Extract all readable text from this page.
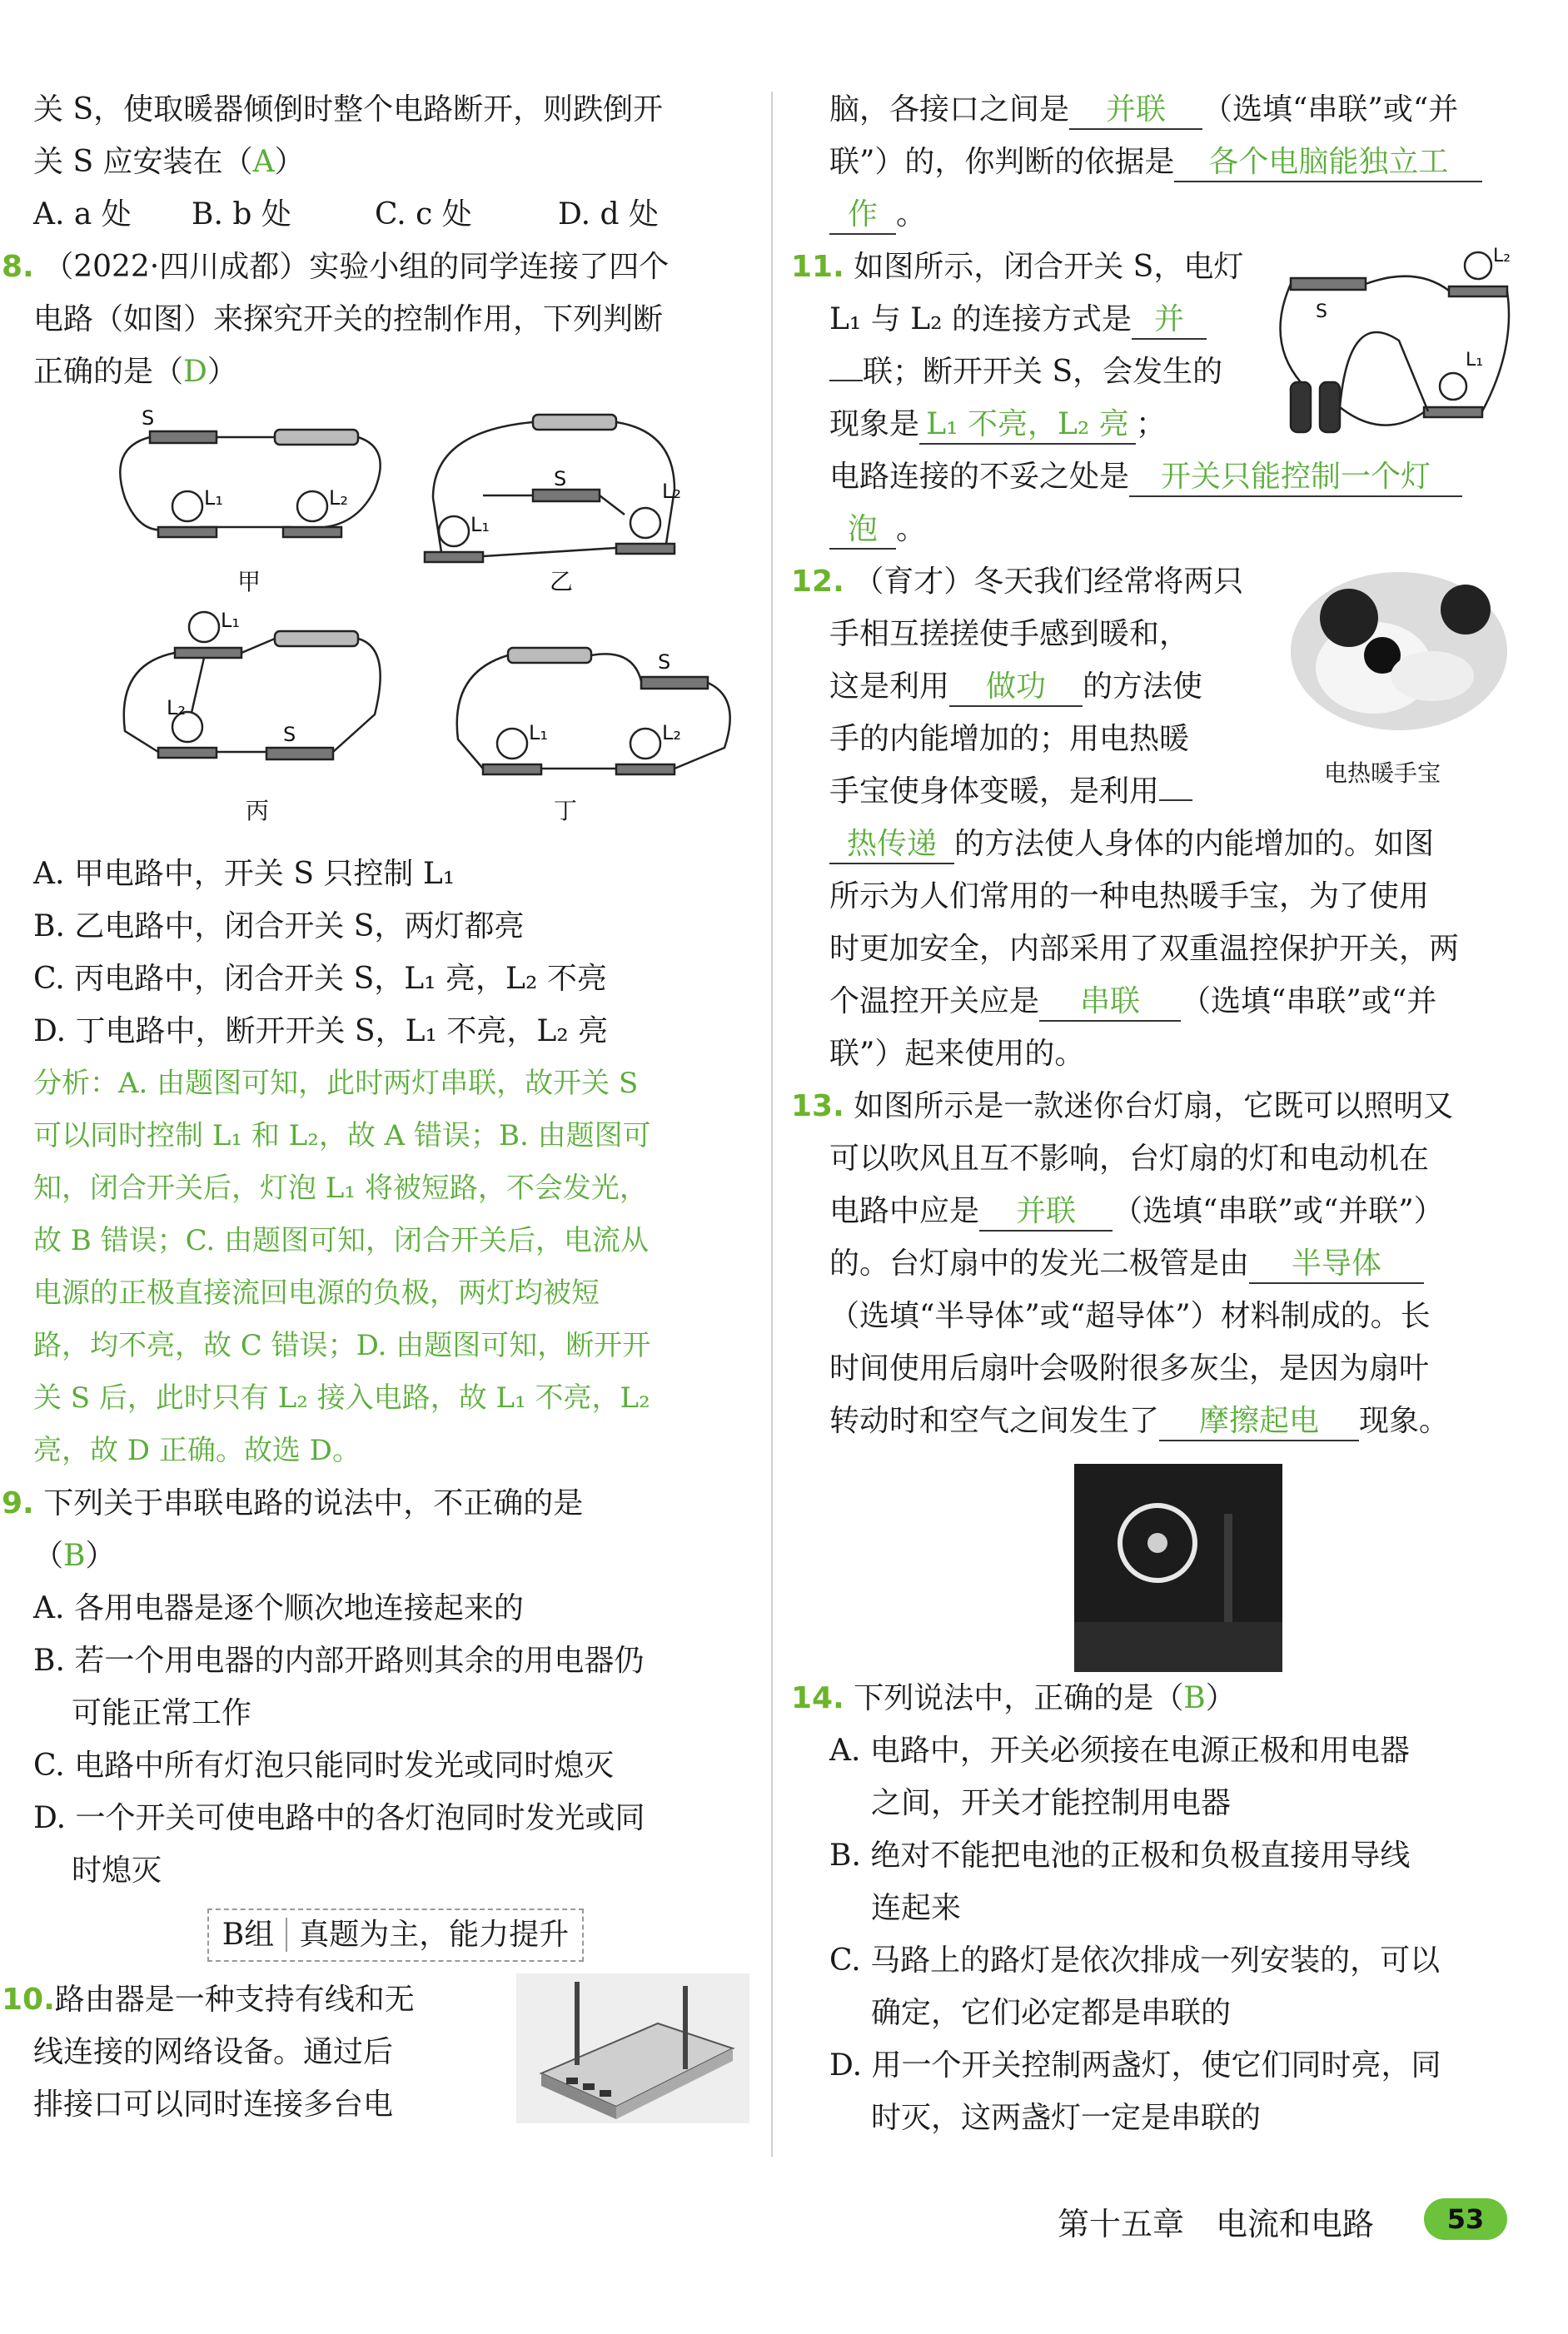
关 S，使取暖器倾倒时整个电路断开，则跌倒开
关 S 应安装在（A）
A. a 处 B. b 处	C. c 处	D. d 处
8. （2022·四川成都）实验小组的同学连接了四个
电路（如图）来探究开关的控制作用，下列判断
正确的是（D）
S
L₁	L₂
甲
S
L₁
L₂
乙
L₁
L₂
S
丙
S
L₁	L₂
丁
A. 甲电路中，开关 S 只控制 L₁
B. 乙电路中，闭合开关 S，两灯都亮
C. 丙电路中，闭合开关 S，L₁ 亮，L₂ 不亮
D. 丁电路中，断开开关 S，L₁ 不亮，L₂ 亮
分析：A. 由题图可知，此时两灯串联，故开关 S
可以同时控制 L₁ 和 L₂，故 A 错误；B. 由题图可
知，闭合开关后，灯泡 L₁ 将被短路，不会发光，
故 B 错误；C. 由题图可知，闭合开关后，电流从
电源的正极直接流回电源的负极，两灯均被短
路，均不亮，故 C 错误；D. 由题图可知，断开开
关 S 后，此时只有 L₂ 接入电路，故 L₁ 不亮，L₂
亮，故 D 正确。故选 D。
9. 下列关于串联电路的说法中，不正确的是
（B）
A. 各用电器是逐个顺次地连接起来的
B. 若一个用电器的内部开路则其余的用电器仍
可能正常工作
C. 电路中所有灯泡只能同时发光或同时熄灭
D. 一个开关可使电路中的各灯泡同时发光或同
时熄灭
B组 真题为主，能力提升
10.路由器是一种支持有线和无
线连接的网络设备。通过后
排接口可以同时连接多台电
脑，各接口之间是 并联 （选填“串联”或“并
联”）的，你判断的依据是 各个电脑能独立工
作 。
11. 如图所示，闭合开关 S，电灯
L₁ 与 L₂ 的连接方式是 并
联；断开开关 S，会发生的
现象是 L₁ 不亮，L₂ 亮 ；
电路连接的不妥之处是 开关只能控制一个灯
泡 。
S
L₂
L₁
12. （育才）冬天我们经常将两只
手相互搓搓使手感到暖和，
这是利用 做功 的方法使
手的内能增加的；用电热暖
手宝使身体变暖，是利用
热传递 的方法使人身体的内能增加的。如图
所示为人们常用的一种电热暖手宝，为了使用
时更加安全，内部采用了双重温控保护开关，两
个温控开关应是 串联 （选填“串联”或“并
联”）起来使用的。
电热暖手宝
13. 如图所示是一款迷你台灯扇，它既可以照明又
可以吹风且互不影响，台灯扇的灯和电动机在
电路中应是 并联 （选填“串联”或“并联”）
的。台灯扇中的发光二极管是由 半导体
（选填“半导体”或“超导体”）材料制成的。长
时间使用后扇叶会吸附很多灰尘，是因为扇叶
转动时和空气之间发生了 摩擦起电 现象。
14. 下列说法中，正确的是（B）
A. 电路中，开关必须接在电源正极和用电器
之间，开关才能控制用电器
B. 绝对不能把电池的正极和负极直接用导线
连起来
C. 马路上的路灯是依次排成一列安装的，可以
确定，它们必定都是串联的
D. 用一个开关控制两盏灯，使它们同时亮，同
时灭，这两盏灯一定是串联的
第十五章　电流和电路	53
